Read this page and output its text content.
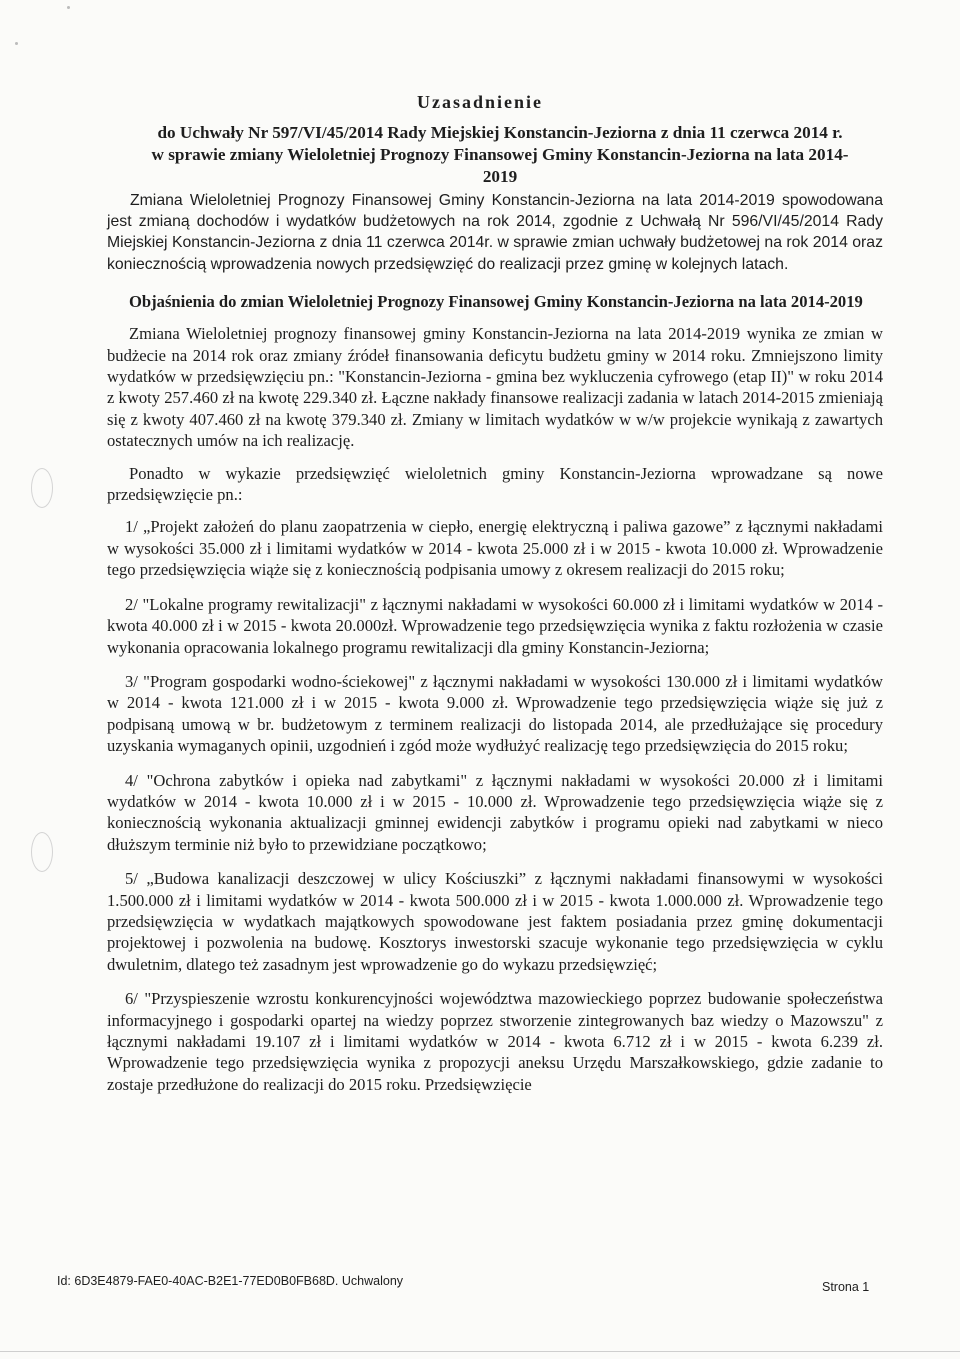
Uzasadnienie
do Uchwały Nr 597/VI/45/2014 Rady Miejskiej Konstancin-Jeziorna z dnia 11 czerwca 2014 r.
w sprawie zmiany Wieloletniej Prognozy Finansowej Gminy Konstancin-Jeziorna na lata 2014-2019

Zmiana Wieloletniej Prognozy Finansowej Gminy Konstancin-Jeziorna na lata 2014-2019 spowodowana jest zmianą dochodów i wydatków budżetowych na rok 2014, zgodnie z Uchwałą Nr 596/VI/45/2014 Rady Miejskiej Konstancin-Jeziorna z dnia 11 czerwca 2014r. w sprawie zmian uchwały budżetowej na rok 2014 oraz koniecznością wprowadzenia nowych przedsięwzięć do realizacji przez gminę w kolejnych latach.

Objaśnienia do zmian Wieloletniej Prognozy Finansowej Gminy Konstancin-Jeziorna na lata 2014-2019

Zmiana Wieloletniej prognozy finansowej gminy Konstancin-Jeziorna na lata 2014-2019 wynika ze zmian w budżecie na 2014 rok oraz zmiany źródeł finansowania deficytu budżetu gminy w 2014 roku. Zmniejszono limity wydatków w przedsięwzięciu pn.: "Konstancin-Jeziorna - gmina bez wykluczenia cyfrowego (etap II)" w roku 2014 z kwoty 257.460 zł na kwotę 229.340 zł. Łączne nakłady finansowe realizacji zadania w latach 2014-2015 zmieniają się z kwoty 407.460 zł na kwotę 379.340 zł. Zmiany w limitach wydatków w w/w projekcie wynikają z zawartych ostatecznych umów na ich realizację.

Ponadto w wykazie przedsięwzięć wieloletnich gminy Konstancin-Jeziorna wprowadzane są nowe przedsięwzięcie pn.:

1/ „Projekt założeń do planu zaopatrzenia w ciepło, energię elektryczną i paliwa gazowe” z łącznymi nakładami w wysokości 35.000 zł i limitami wydatków w 2014 - kwota 25.000 zł i w 2015 - kwota 10.000 zł. Wprowadzenie tego przedsięwzięcia wiąże się z koniecznością podpisania umowy z okresem realizacji do 2015 roku;

2/ "Lokalne programy rewitalizacji" z łącznymi nakładami w wysokości 60.000 zł i limitami wydatków w 2014 - kwota 40.000 zł i w 2015 - kwota 20.000zł. Wprowadzenie tego przedsięwzięcia wynika z faktu rozłożenia w czasie wykonania opracowania lokalnego programu rewitalizacji dla gminy Konstancin-Jeziorna;

3/ "Program gospodarki wodno-ściekowej" z łącznymi nakładami w wysokości 130.000 zł i limitami wydatków w 2014 - kwota 121.000 zł i w 2015 - kwota 9.000 zł. Wprowadzenie tego przedsięwzięcia wiąże się już z podpisaną umową w br. budżetowym z terminem realizacji do listopada 2014, ale przedłużające się procedury uzyskania wymaganych opinii, uzgodnień i zgód może wydłużyć realizację tego przedsięwzięcia do 2015 roku;

4/ "Ochrona zabytków i opieka nad zabytkami" z łącznymi nakładami w wysokości 20.000 zł i limitami wydatków w 2014 - kwota 10.000 zł i w 2015 - 10.000 zł. Wprowadzenie tego przedsięwzięcia wiąże się z koniecznością wykonania aktualizacji gminnej ewidencji zabytków i programu opieki nad zabytkami w nieco dłuższym terminie niż było to przewidziane początkowo;

5/ „Budowa kanalizacji deszczowej w ulicy Kościuszki” z łącznymi nakładami finansowymi w wysokości 1.500.000 zł i limitami wydatków w 2014 - kwota 500.000 zł i w 2015 - kwota 1.000.000 zł. Wprowadzenie tego przedsięwzięcia w wydatkach majątkowych spowodowane jest faktem posiadania przez gminę dokumentacji projektowej i pozwolenia na budowę. Kosztorys inwestorski szacuje wykonanie tego przedsięwzięcia w cyklu dwuletnim, dlatego też zasadnym jest wprowadzenie go do wykazu przedsięwzięć;

6/ "Przyspieszenie wzrostu konkurencyjności województwa mazowieckiego poprzez budowanie społeczeństwa informacyjnego i gospodarki opartej na wiedzy poprzez stworzenie zintegrowanych baz wiedzy o Mazowszu" z łącznymi nakładami 19.107 zł i limitami wydatków w 2014 - kwota 6.712 zł i w 2015 - kwota 6.239 zł. Wprowadzenie tego przedsięwzięcia wynika z propozycji aneksu Urzędu Marszałkowskiego, gdzie zadanie to zostaje przedłużone do realizacji do 2015 roku. Przedsięwzięcie

Id: 6D3E4879-FAE0-40AC-B2E1-77ED0B0FB68D. Uchwalony	Strona 1
